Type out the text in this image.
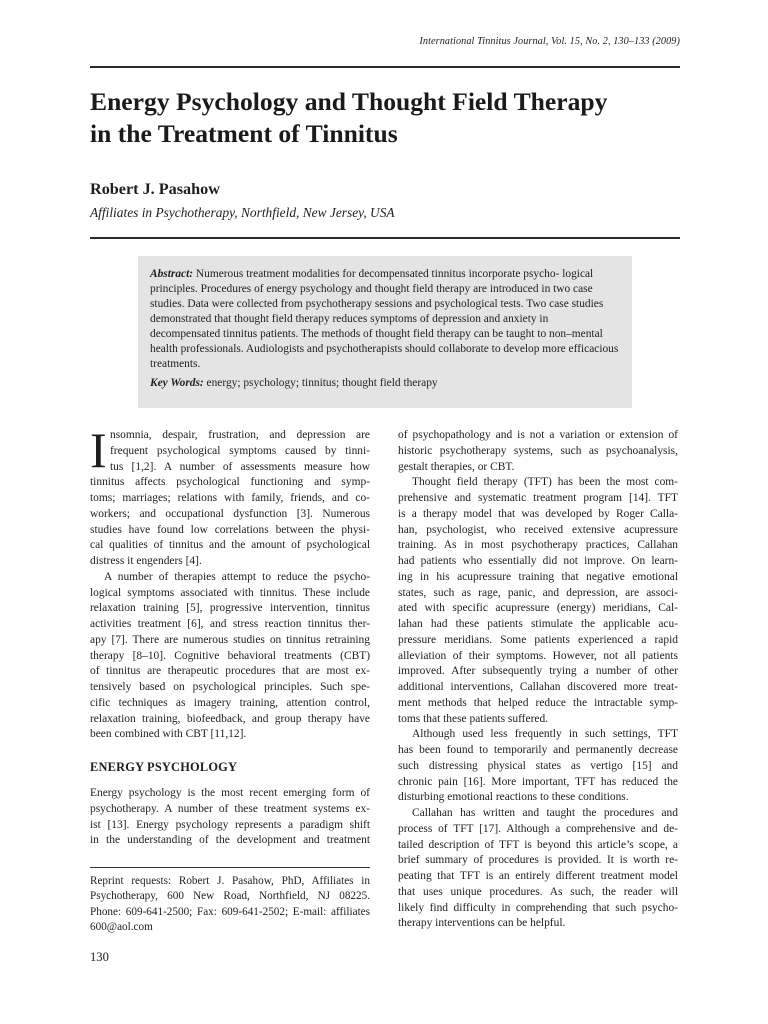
International Tinnitus Journal, Vol. 15, No. 2, 130–133 (2009)
Energy Psychology and Thought Field Therapy
in the Treatment of Tinnitus
Robert J. Pasahow
Affiliates in Psychotherapy, Northfield, New Jersey, USA

Abstract: Numerous treatment modalities for decompensated tinnitus incorporate psycho- logical principles. Procedures of energy psychology and thought field therapy are introduced in two case studies. Data were collected from psychotherapy sessions and psychological tests. Two case studies demonstrated that thought field therapy reduces symptoms of depression and anxiety in decompensated tinnitus patients. The methods of thought field therapy can be taught to non–mental health professionals. Audiologists and psychotherapists should collaborate to develop more efficacious treatments.

Key Words: energy; psychology; tinnitus; thought field therapy

I nsomnia, despair, frustration, and depression are
frequent psychological symptoms caused by tinni-
tus [1,2]. A number of assessments measure how
tinnitus affects psychological functioning and symp-
toms; marriages; relations with family, friends, and co-
workers; and occupational dysfunction [3]. Numerous
studies have found low correlations between the physi-
cal qualities of tinnitus and the amount of psychological
distress it engenders [4].
A number of therapies attempt to reduce the psycho-
logical symptoms associated with tinnitus. These include
relaxation training [5], progressive intervention, tinnitus
activities treatment [6], and stress reaction tinnitus ther-
apy [7]. There are numerous studies on tinnitus retraining
therapy [8–10]. Cognitive behavioral treatments (CBT)
of tinnitus are therapeutic procedures that are most ex-
tensively based on psychological principles. Such spe-
cific techniques as imagery training, attention control,
relaxation training, biofeedback, and group therapy have
been combined with CBT [11,12].
ENERGY PSYCHOLOGY
Energy psychology is the most recent emerging form of
psychotherapy. A number of these treatment systems ex-
ist [13]. Energy psychology represents a paradigm shift
in the understanding of the development and treatment
Reprint requests: Robert J. Pasahow, PhD, Affiliates in
Psychotherapy, 600 New Road, Northfield, NJ 08225.
Phone: 609-641-2500; Fax: 609-641-2502; E-mail: affiliates
600@aol.com
of psychopathology and is not a variation or extension of
historic psychotherapy systems, such as psychoanalysis,
gestalt therapies, or CBT.
Thought field therapy (TFT) has been the most com-
prehensive and systematic treatment program [14]. TFT
is a therapy model that was developed by Roger Calla-
han, psychologist, who received extensive acupressure
training. As in most psychotherapy practices, Callahan
had patients who essentially did not improve. On learn-
ing in his acupressure training that negative emotional
states, such as rage, panic, and depression, are associ-
ated with specific acupressure (energy) meridians, Cal-
lahan had these patients stimulate the applicable acu-
pressure meridians. Some patients experienced a rapid
alleviation of their symptoms. However, not all patients
improved. After subsequently trying a number of other
additional interventions, Callahan discovered more treat-
ment methods that helped reduce the intractable symp-
toms that these patients suffered.
Although used less frequently in such settings, TFT
has been found to temporarily and permanently decrease
such distressing physical states as vertigo [15] and
chronic pain [16]. More important, TFT has reduced the
disturbing emotional reactions to these conditions.
Callahan has written and taught the procedures and
process of TFT [17]. Although a comprehensive and de-
tailed description of TFT is beyond this article’s scope, a
brief summary of procedures is provided. It is worth re-
peating that TFT is an entirely different treatment model
that uses unique procedures. As such, the reader will
likely find difficulty in comprehending that such psycho-
therapy interventions can be helpful.
130
